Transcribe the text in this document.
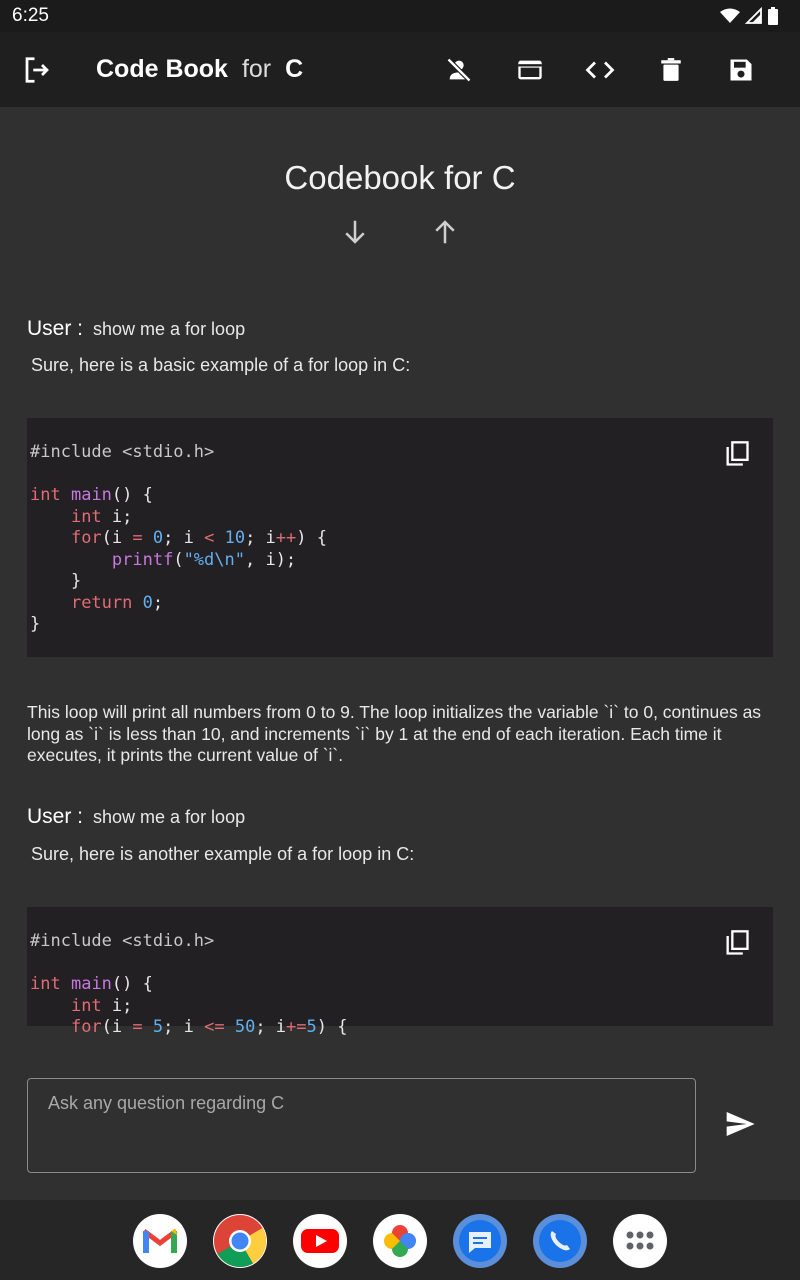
6:25
Code Book for C
Codebook for C
User : show me a for loop
Sure, here is a basic example of a for loop in C:
#include <stdio.h>

int main() {
int i;
for(i = 0; i < 10; i++) {
printf("%d\n", i);
}
return 0;
}

This loop will print all numbers from 0 to 9. The loop initializes the variable `i` to 0, continues as long as `i` is less than 10, and increments `i` by 1 at the end of each iteration. Each time it executes, it prints the current value of `i`.

User : show me a for loop
Sure, here is another example of a for loop in C:
#include <stdio.h>

int main() {
int i;
for(i = 5; i <= 50; i+=5) {
Ask any question regarding C
